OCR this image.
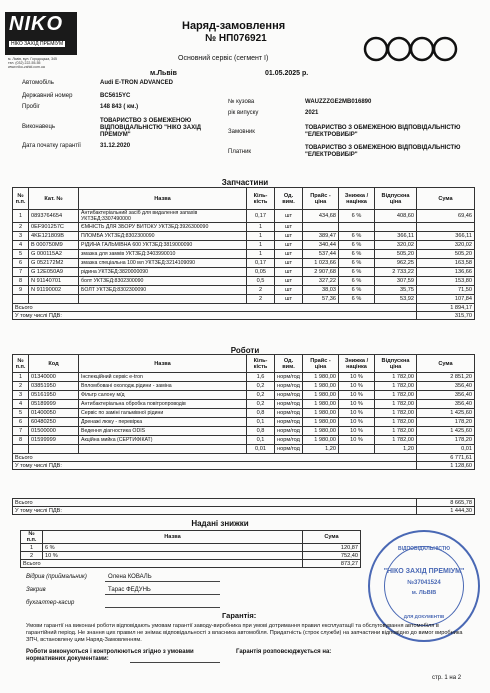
NIKO
НІКО ЗАХІД ПРЕМІУМ
м. Львів, вул. Городоцька, 345
тел. (032) 222-55-55
www.niko-zahid.com.ua
Наряд-замовлення
№ НП076921
Основний сервіс (сегмент І)
м.Львів	01.05.2025 р.
Автомобіль	Audi E-TRON ADVANCED
Державний номер	BC5615YC
Пробіг	148 843 ( км.)
Виконавець
ТОВАРИСТВО З ОБМЕЖЕНОЮ ВІДПОВІДАЛЬНІСТЮ "НІКО ЗАХІД ПРЕМІУМ"
Дата початку гарантії	31.12.2020
№ кузова	WAUZZZGE2MB016890
рік випуску	2021
Замовник
ТОВАРИСТВО З ОБМЕЖЕНОЮ ВІДПОВІДАЛЬНІСТЮ "ЕЛЕКТРОВИБІР"
Платник
ТОВАРИСТВО З ОБМЕЖЕНОЮ ВІДПОВІДАЛЬНІСТЮ "ЕЛЕКТРОВИБІР"
Запчастини
№ п.п.	Кат. №	Назва	Кіль-кість	Од. вим.	Прайс - ціна	Знижка / націнка	Відпускна ціна	Сума
1	0893764654	Антибактеріальний засіб для видалення запахів УКТЗЕД:3307490000	0,17	шт	434,68	6 %	408,60	69,46
2	0EF901257C	ЄМНІСТЬ ДЛЯ ЗБОРУ ВИТОКУ УКТЗЕД:3926300090	1	шт				
3	4KE121809B	ПЛОМБА УКТЗЕД:8302300090	1	шт	389,47	6 %	366,11	366,11
4	B 000750M9	РІДИНА ГАЛЬМІВНА 600 УКТЗЕД:3819000090	1	шт	340,44	6 %	320,02	320,02
5	G 000115A2	змазка для замків УКТЗЕД:3403990010	1	шт	537,44	6 %	505,20	505,20
6	G 052172M2	змазка спеціальна 100 мл УКТЗЕД:3214109090	0,17	шт	1 023,66	6 %	962,25	163,58
7	G 12E050A9	рідина УКТЗЕД:3820000090	0,05	шт	2 907,68	6 %	2 733,22	136,66
8	N 91140701	болт УКТЗЕД:8302300090	0,5	шт	327,22	6 %	307,59	153,80
9	N 91190002	БОЛТ УКТЗЕД:8302300090	2	шт	38,03	6 %	35,75	71,50
			2	шт	57,36	6 %	53,92	107,84
Всього								1 894,17
У тому числі ПДВ:								315,70
Роботи
№ п.п.	Код	Назва	Кіль-кість	Од. вим.	Прайс - ціна	Знижка / націнка	Відпускна ціна	Сума
1	01340000	Інспекційний сервіс e-tron	1,6	норм/год	1 980,00	10 %	1 782,00	2 851,20
2	03851950	Впломбовані охолодж.рідини - заміна	0,2	норм/год	1 980,00	10 %	1 782,00	356,40
3	05161950	Фільтр салону м/д	0,2	норм/год	1 980,00	10 %	1 782,00	356,40
4	05189999	Антибактеріальна обробка повітропроводів	0,2	норм/год	1 980,00	10 %	1 782,00	356,40
5	01400050	Сервіс по заміні гальмівної рідини	0,8	норм/год	1 980,00	10 %	1 782,00	1 425,60
6	60480250	Дренажі люку - перевірка	0,1	норм/год	1 980,00	10 %	1 782,00	178,20
7	01500000	Ведення діагностика ODIS	0,8	норм/год	1 980,00	10 %	1 782,00	1 425,60
8	01599999	Акційна мийка (СЕРТИФІКАТ)	0,1	норм/год	1 980,00	10 %	1 782,00	178,20
			0,01	норм/год	1,20		1,20	0,01
Всього								6 771,61
У тому числі ПДВ:								1 128,60
Всього	8 665,78
У тому числі ПДВ:	1 444,30
Надані знижки
№ п.п.	Назва	Сума
1	6 %	120,87
2	10 %	752,40
Всього		873,27
Відрив (приймальник)	Олена КОВАЛЬ
Закрив	Тарас ФЕДУНЬ
бухгалтер-касир
ВІДПОВІДАЛЬНІСТЮ
"НІКО ЗАХІД ПРЕМІУМ"
№37041524
м. ЛЬВІВ
ДЛЯ ДОКУМЕНТІВ
Гарантія:
Умови гарантії на виконані роботи відповідають умовам гарантії заводу-виробника при умові дотримання правил експлуатації та обслуговування автомобіля в гарантійний період. Не знання цих правил не знімає відповідальності з власника автомобіля. Придатність (строк служби) на запчастини відповідно до вимог виробника ЗПЧ, встановлену цим Наряд-Замовленням.
Роботи виконуються і контролюються згідно з умовами нормативних документами:
Гарантія розповсюджується на:
стр. 1 на 2
